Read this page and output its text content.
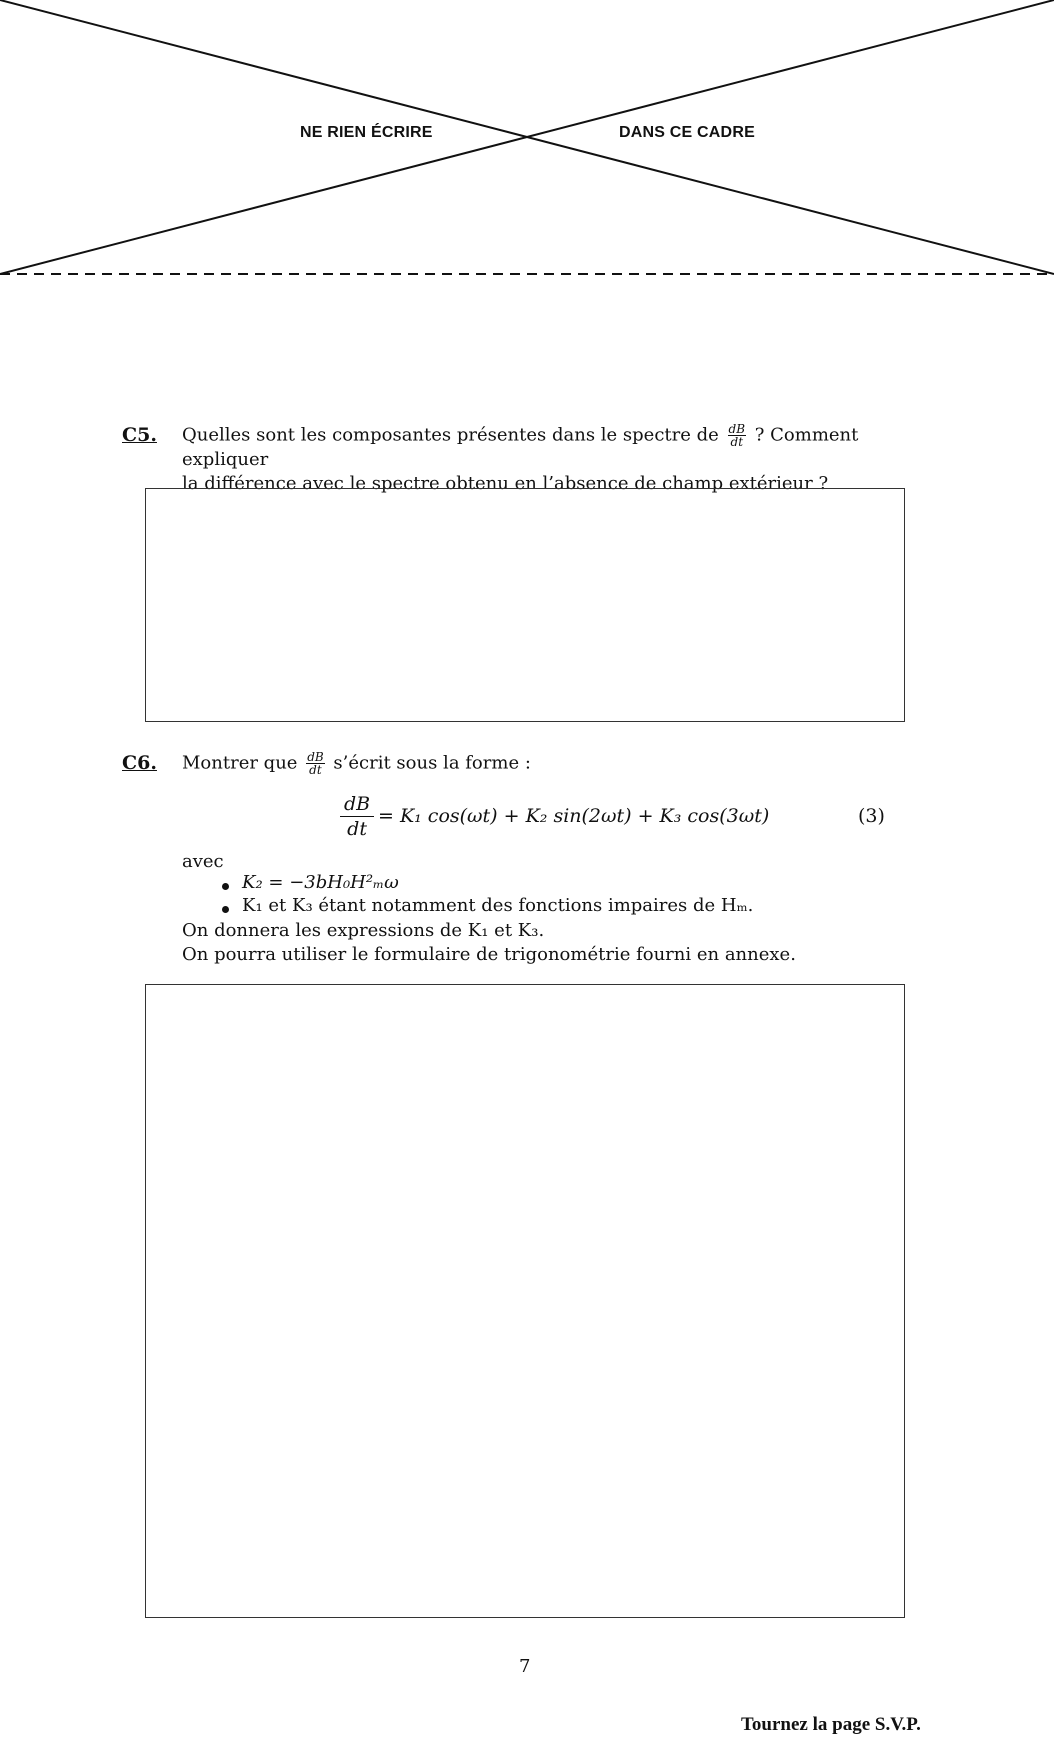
NE RIEN ÉCRIRE	DANS CE CADRE
C5. Quelles sont les composantes présentes dans le spectre de $\frac{dB}{dt}$ ? Comment expliquer
la différence avec le spectre obtenu en l’absence de champ extérieur ?
C6. Montrer que $\frac{dB}{dt}$ s’écrit sous la forme :
$\frac{dB}{dt} = K_1$ cos(ωt) + K₂ sin(2ωt) + K₃ cos(3ωt)	(3)
avec
K₂ = −3bH₀H²ₘω
K₁ et K₃ étant notamment des fonctions impaires de Hₘ.
On donnera les expressions de K₁ et K₃.
On pourra utiliser le formulaire de trigonométrie fourni en annexe.
7
Tournez la page S.V.P.
